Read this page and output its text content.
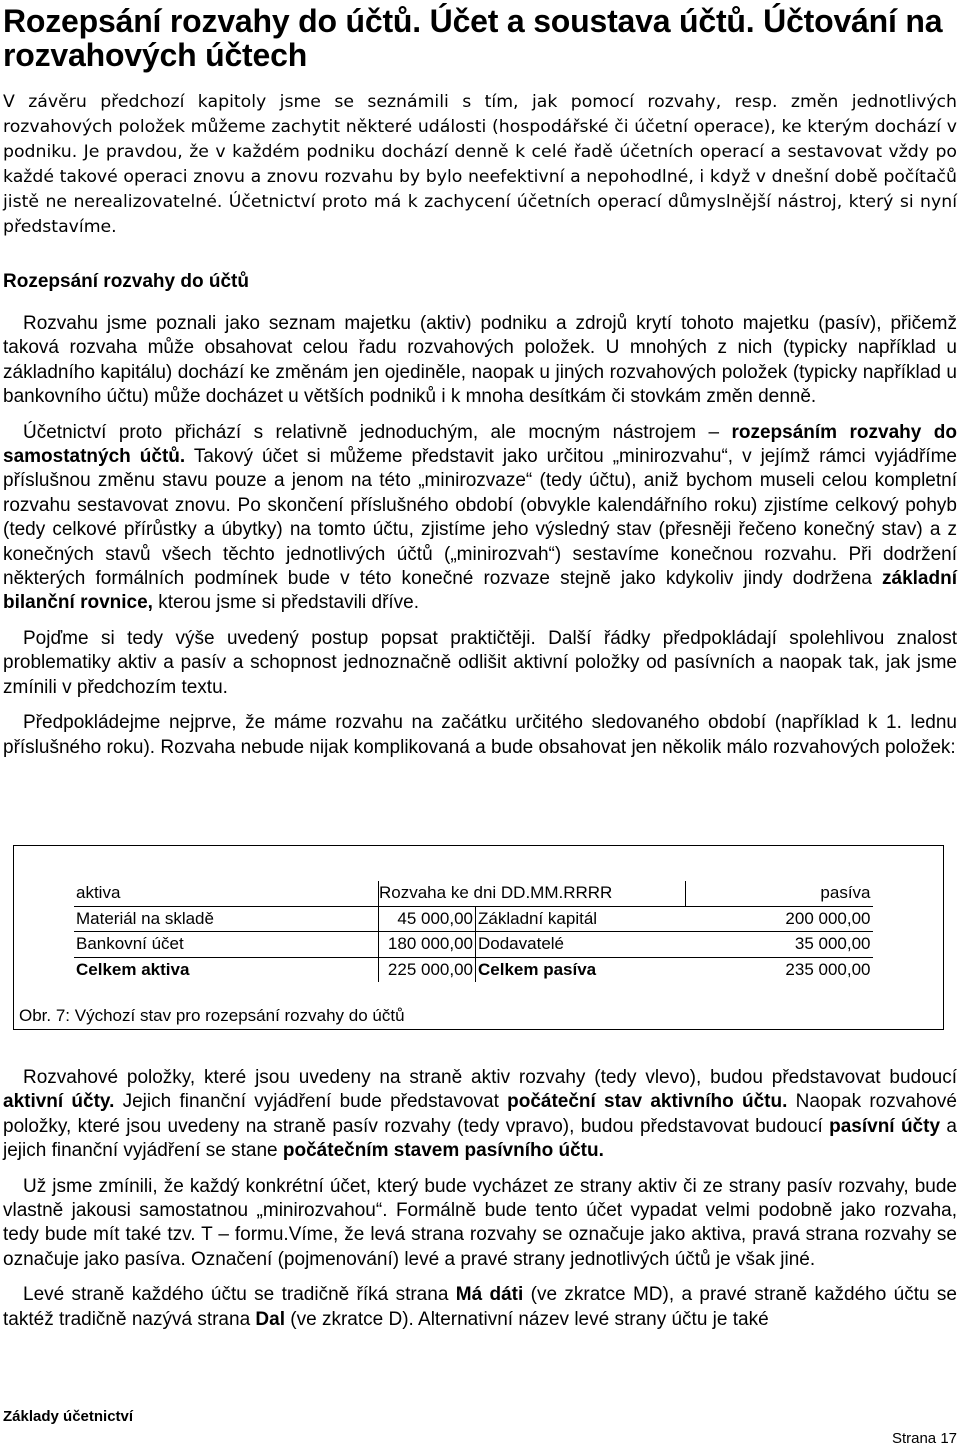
Rozepsání rozvahy do účtů. Účet a soustava účtů. Účtování na rozvahových účtech

V závěru předchozí kapitoly jsme se seznámili s tím, jak pomocí rozvahy, resp. změn jednotlivých rozvahových položek můžeme zachytit některé události (hospodářské či účetní operace), ke kterým dochází v podniku. Je pravdou, že v každém podniku dochází denně k celé řadě účetních operací a sestavovat vždy po každé takové operaci znovu a znovu rozvahu by bylo neefektivní a nepohodlné, i když v dnešní době počítačů jistě ne nerealizovatelné. Účetnictví proto má k zachycení účetních operací důmyslnější nástroj, který si nyní představíme.

Rozepsání rozvahy do účtů

Rozvahu jsme poznali jako seznam majetku (aktiv) podniku a zdrojů krytí tohoto majetku (pasív), přičemž taková rozvaha může obsahovat celou řadu rozvahových položek. U mnohých z nich (typicky například u základního kapitálu) dochází ke změnám jen ojediněle, naopak u jiných rozvahových položek (typicky například u bankovního účtu) může docházet u větších podniků i k mnoha desítkám či stovkám změn denně.

Účetnictví proto přichází s relativně jednoduchým, ale mocným nástrojem – rozepsáním rozvahy do samostatných účtů. Takový účet si můžeme představit jako určitou „minirozvahu“, v jejímž rámci vyjádříme příslušnou změnu stavu pouze a jenom na této „minirozvaze“ (tedy účtu), aniž bychom museli celou kompletní rozvahu sestavovat znovu. Po skončení příslušného období (obvykle kalendářního roku) zjistíme celkový pohyb (tedy celkové přírůstky a úbytky) na tomto účtu, zjistíme jeho výsledný stav (přesněji řečeno konečný stav) a z konečných stavů všech těchto jednotlivých účtů („minirozvah“) sestavíme konečnou rozvahu. Při dodržení některých formálních podmínek bude v této konečné rozvaze stejně jako kdykoliv jindy dodržena základní bilanční rovnice, kterou jsme si představili dříve.

Pojďme si tedy výše uvedený postup popsat praktičtěji. Další řádky předpokládají spolehlivou znalost problematiky aktiv a pasív a schopnost jednoznačně odlišit aktivní položky od pasívních a naopak tak, jak jsme zmínili v předchozím textu.

Předpokládejme nejprve, že máme rozvahu na začátku určitého sledovaného období (například k 1. lednu příslušného roku). Rozvaha nebude nijak komplikovaná a bude obsahovat jen několik málo rozvahových položek:

aktiva	Rozvaha ke dni DD.MM.RRRR		pasíva
Materiál na skladě	45 000,00	Základní kapitál	200 000,00
Bankovní účet	180 000,00	Dodavatelé	35 000,00
Celkem aktiva	225 000,00	Celkem pasíva	235 000,00
Obr. 7: Výchozí stav pro rozepsání rozvahy do účtů

Rozvahové položky, které jsou uvedeny na straně aktiv rozvahy (tedy vlevo), budou představovat budoucí aktivní účty. Jejich finanční vyjádření bude představovat počáteční stav aktivního účtu. Naopak rozvahové položky, které jsou uvedeny na straně pasív rozvahy (tedy vpravo), budou představovat budoucí pasívní účty a jejich finanční vyjádření se stane počátečním stavem pasívního účtu.

Už jsme zmínili, že každý konkrétní účet, který bude vycházet ze strany aktiv či ze strany pasív rozvahy, bude vlastně jakousi samostatnou „minirozvahou“. Formálně bude tento účet vypadat velmi podobně jako rozvaha, tedy bude mít také tzv. T – formu.Víme, že levá strana rozvahy se označuje jako aktiva, pravá strana rozvahy se označuje jako pasíva. Označení (pojmenování) levé a pravé strany jednotlivých účtů je však jiné.

Levé straně každého účtu se tradičně říká strana Má dáti (ve zkratce MD), a pravé straně každého účtu se taktéž tradičně nazývá strana Dal (ve zkratce D). Alternativní název levé strany účtu je také

Základy účetnictví
Strana 17
